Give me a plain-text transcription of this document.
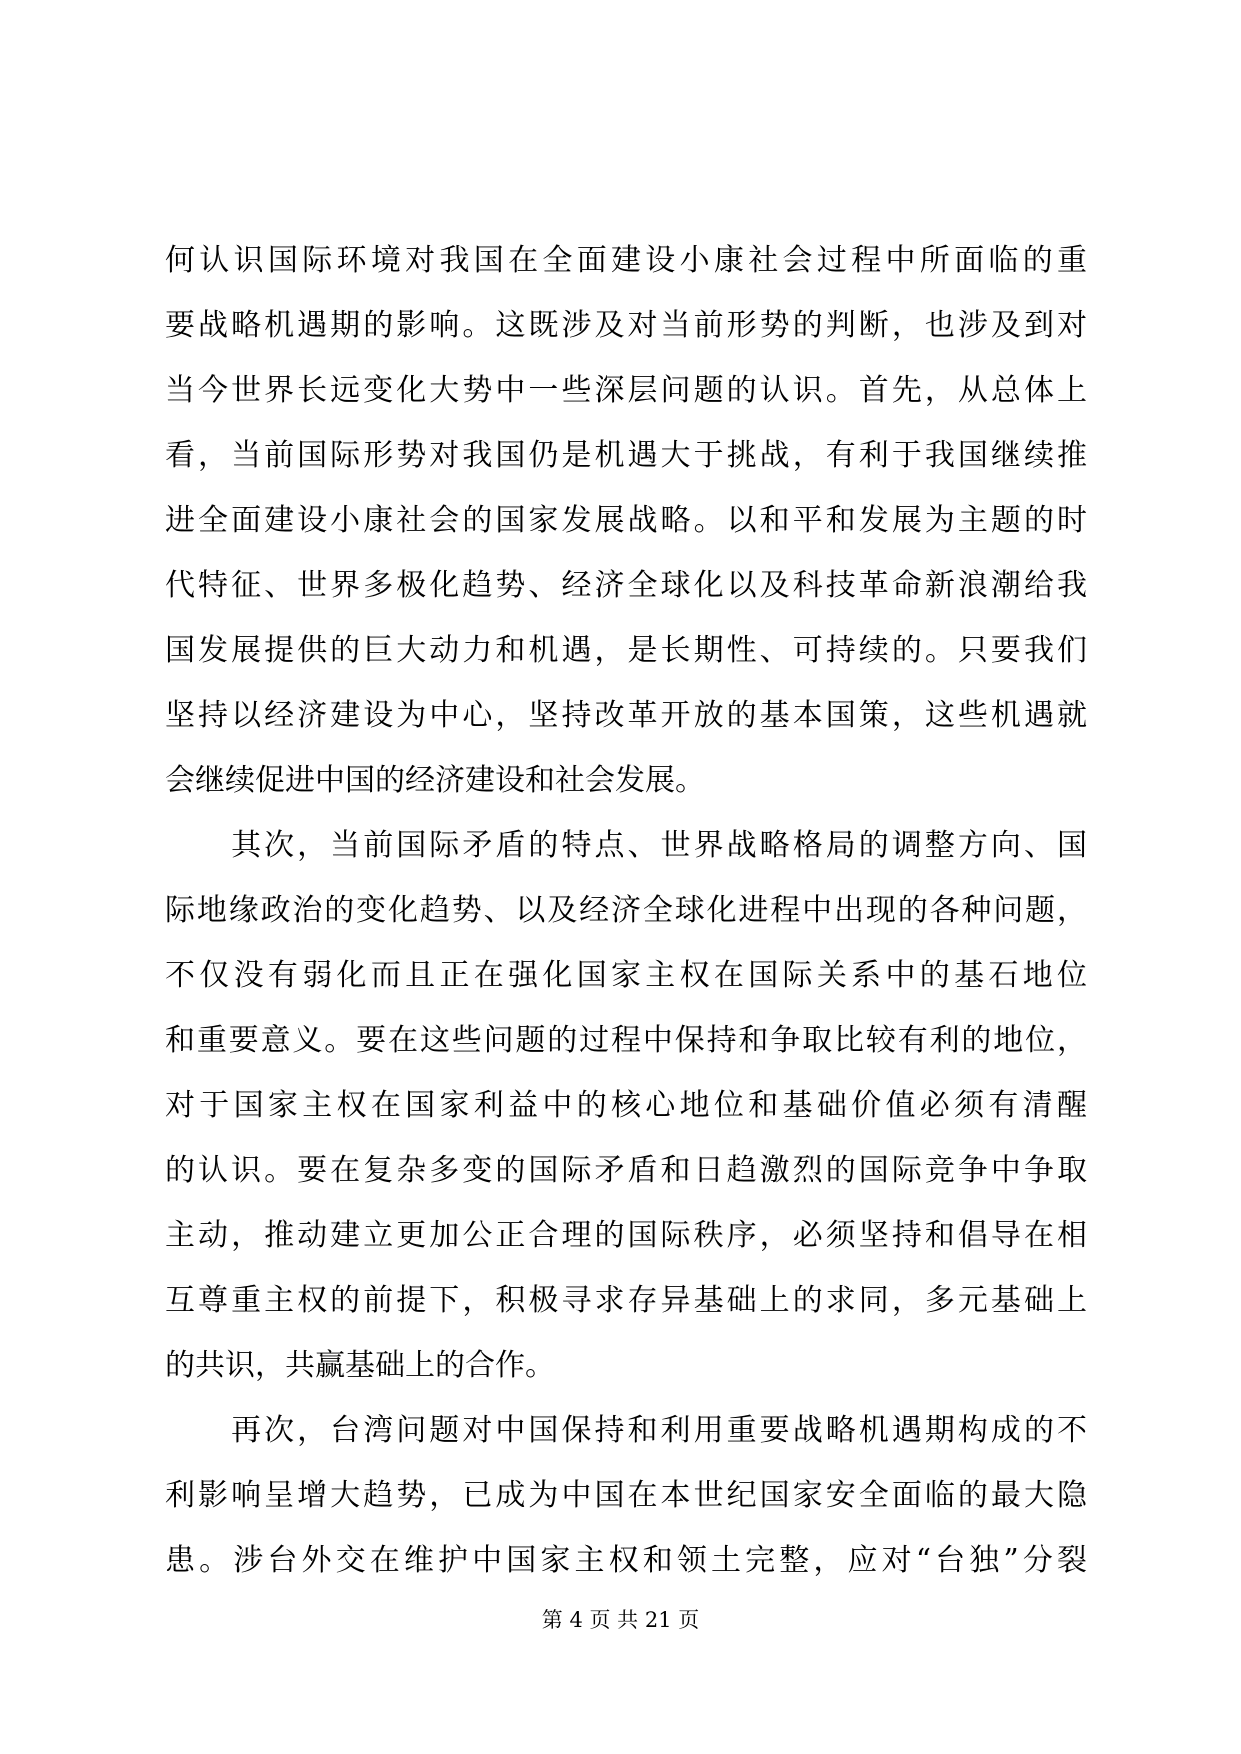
何认识国际环境对我国在全面建设小康社会过程中所面临的重
要战略机遇期的影响。这既涉及对当前形势的判断，也涉及到对
当今世界长远变化大势中一些深层问题的认识。首先，从总体上
看，当前国际形势对我国仍是机遇大于挑战，有利于我国继续推
进全面建设小康社会的国家发展战略。以和平和发展为主题的时
代特征、世界多极化趋势、经济全球化以及科技革命新浪潮给我
国发展提供的巨大动力和机遇，是长期性、可持续的。只要我们
坚持以经济建设为中心，坚持改革开放的基本国策，这些机遇就
会继续促进中国的经济建设和社会发展。
　　其次，当前国际矛盾的特点、世界战略格局的调整方向、国
际地缘政治的变化趋势、以及经济全球化进程中出现的各种问题，
不仅没有弱化而且正在强化国家主权在国际关系中的基石地位
和重要意义。要在这些问题的过程中保持和争取比较有利的地位，
对于国家主权在国家利益中的核心地位和基础价值必须有清醒
的认识。要在复杂多变的国际矛盾和日趋激烈的国际竞争中争取
主动，推动建立更加公正合理的国际秩序，必须坚持和倡导在相
互尊重主权的前提下，积极寻求存异基础上的求同，多元基础上
的共识，共赢基础上的合作。
　　再次，台湾问题对中国保持和利用重要战略机遇期构成的不
利影响呈增大趋势，已成为中国在本世纪国家安全面临的最大隐
患。涉台外交在维护中国家主权和领土完整，应对“台独”分裂
第 4 页 共 21 页
